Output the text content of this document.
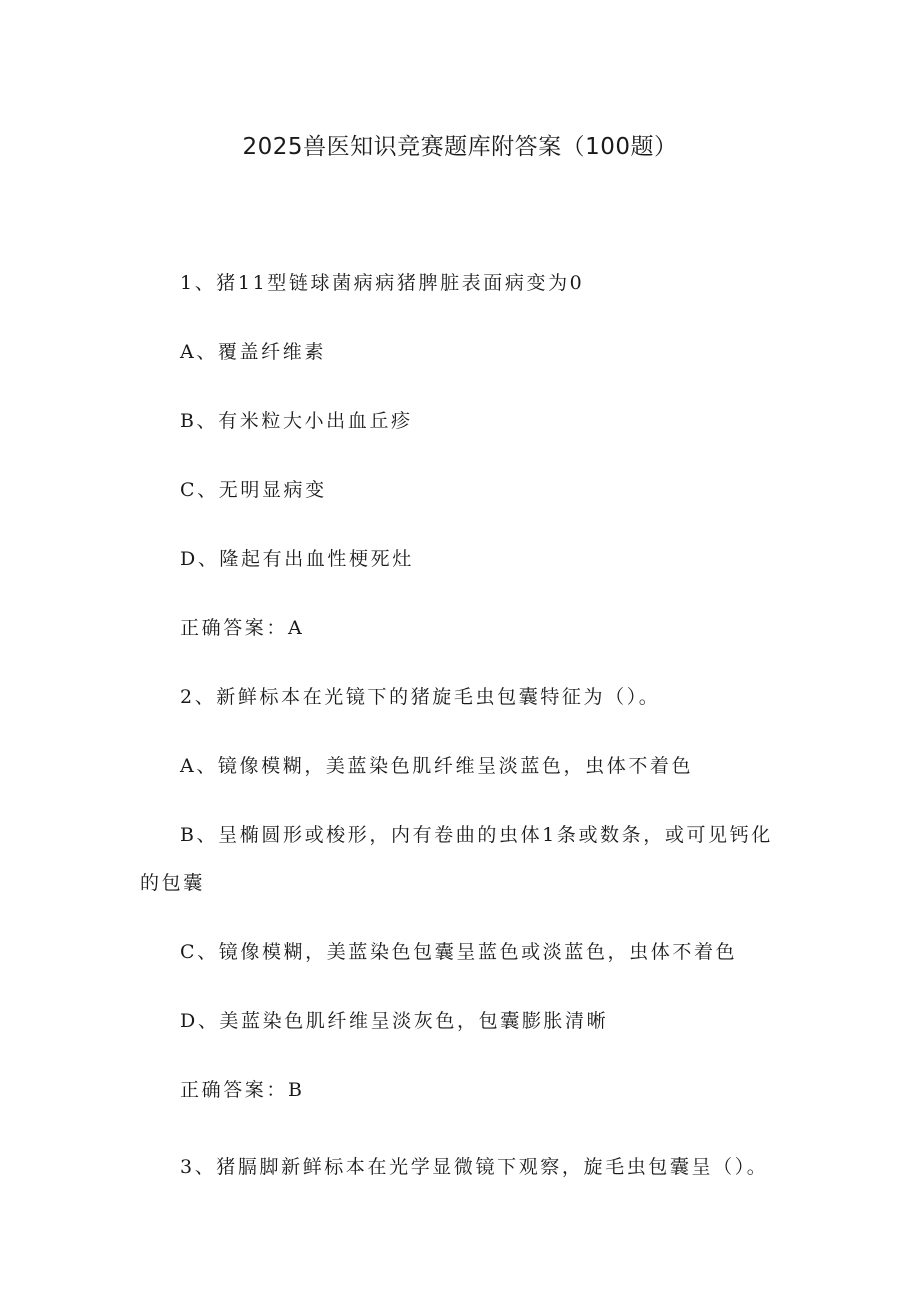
2025兽医知识竞赛题库附答案（100题）

1、猪11型链球菌病病猪脾脏表面病变为0

A、覆盖纤维素

B、有米粒大小出血丘疹

C、无明显病变

D、隆起有出血性梗死灶

正确答案：A

2、新鲜标本在光镜下的猪旋毛虫包囊特征为（）。

A、镜像模糊，美蓝染色肌纤维呈淡蓝色，虫体不着色

B、呈椭圆形或梭形，内有卷曲的虫体1条或数条，或可见钙化

的包囊

C、镜像模糊，美蓝染色包囊呈蓝色或淡蓝色，虫体不着色

D、美蓝染色肌纤维呈淡灰色，包囊膨胀清晰

正确答案：B

3、猪膈脚新鲜标本在光学显微镜下观察，旋毛虫包囊呈（）。
